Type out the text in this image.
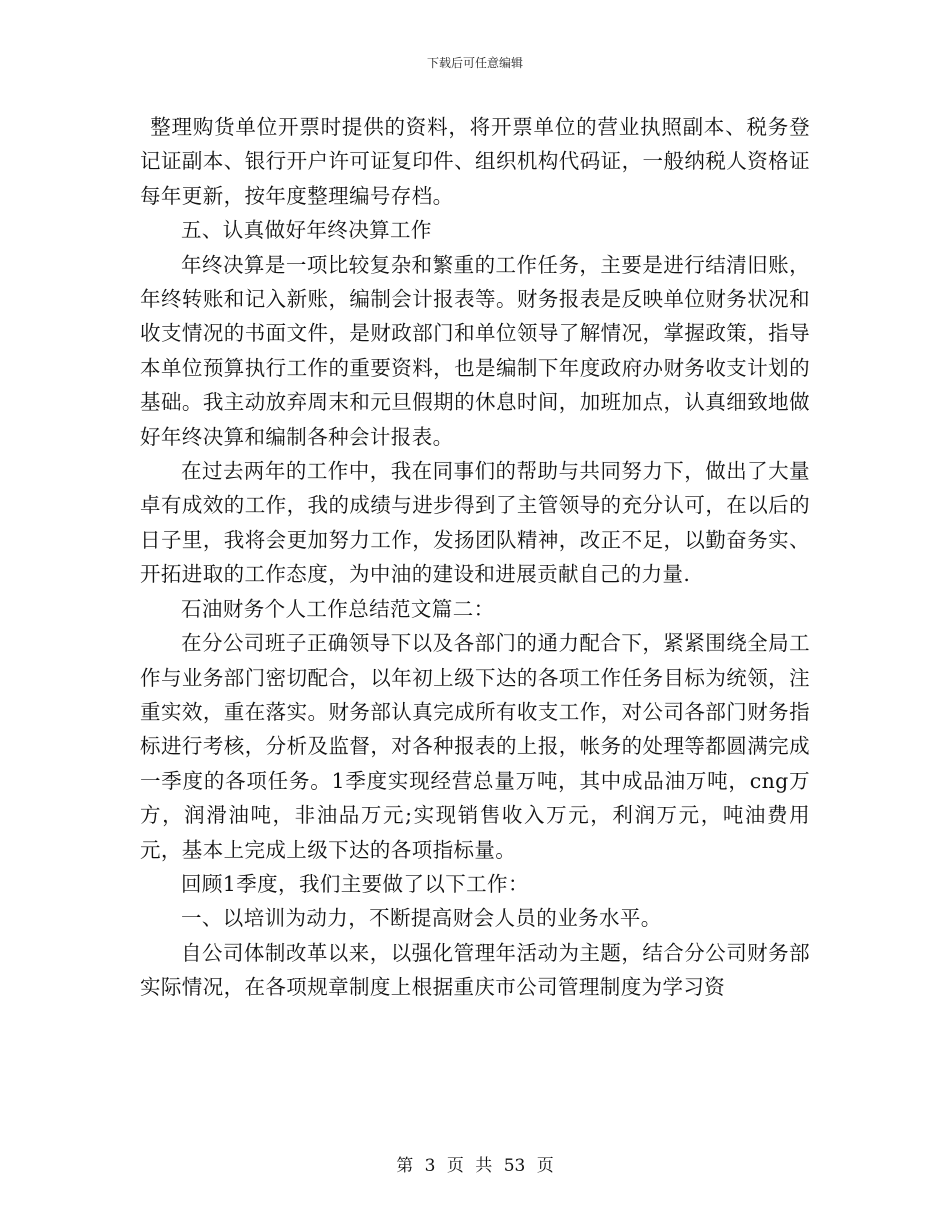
下载后可任意编辑

整理购货单位开票时提供的资料，将开票单位的营业执照副本、税务登记证副本、银行开户许可证复印件、组织机构代码证，一般纳税人资格证每年更新，按年度整理编号存档。

五、认真做好年终决算工作

年终决算是一项比较复杂和繁重的工作任务，主要是进行结清旧账，年终转账和记入新账，编制会计报表等。财务报表是反映单位财务状况和收支情况的书面文件，是财政部门和单位领导了解情况，掌握政策，指导本单位预算执行工作的重要资料，也是编制下年度政府办财务收支计划的基础。我主动放弃周末和元旦假期的休息时间，加班加点，认真细致地做好年终决算和编制各种会计报表。

在过去两年的工作中，我在同事们的帮助与共同努力下，做出了大量卓有成效的工作，我的成绩与进步得到了主管领导的充分认可，在以后的日子里，我将会更加努力工作，发扬团队精神，改正不足，以勤奋务实、开拓进取的工作态度，为中油的建设和进展贡献自己的力量.

石油财务个人工作总结范文篇二：

在分公司班子正确领导下以及各部门的通力配合下，紧紧围绕全局工作与业务部门密切配合，以年初上级下达的各项工作任务目标为统领，注重实效，重在落实。财务部认真完成所有收支工作，对公司各部门财务指标进行考核，分析及监督，对各种报表的上报，帐务的处理等都圆满完成一季度的各项任务。1季度实现经营总量万吨，其中成品油万吨，cng万方，润滑油吨，非油品万元;实现销售收入万元，利润万元，吨油费用元，基本上完成上级下达的各项指标量。

回顾1季度，我们主要做了以下工作：

一、以培训为动力，不断提高财会人员的业务水平。

自公司体制改革以来，以强化管理年活动为主题，结合分公司财务部实际情况，在各项规章制度上根据重庆市公司管理制度为学习资

第 3 页 共 53 页
